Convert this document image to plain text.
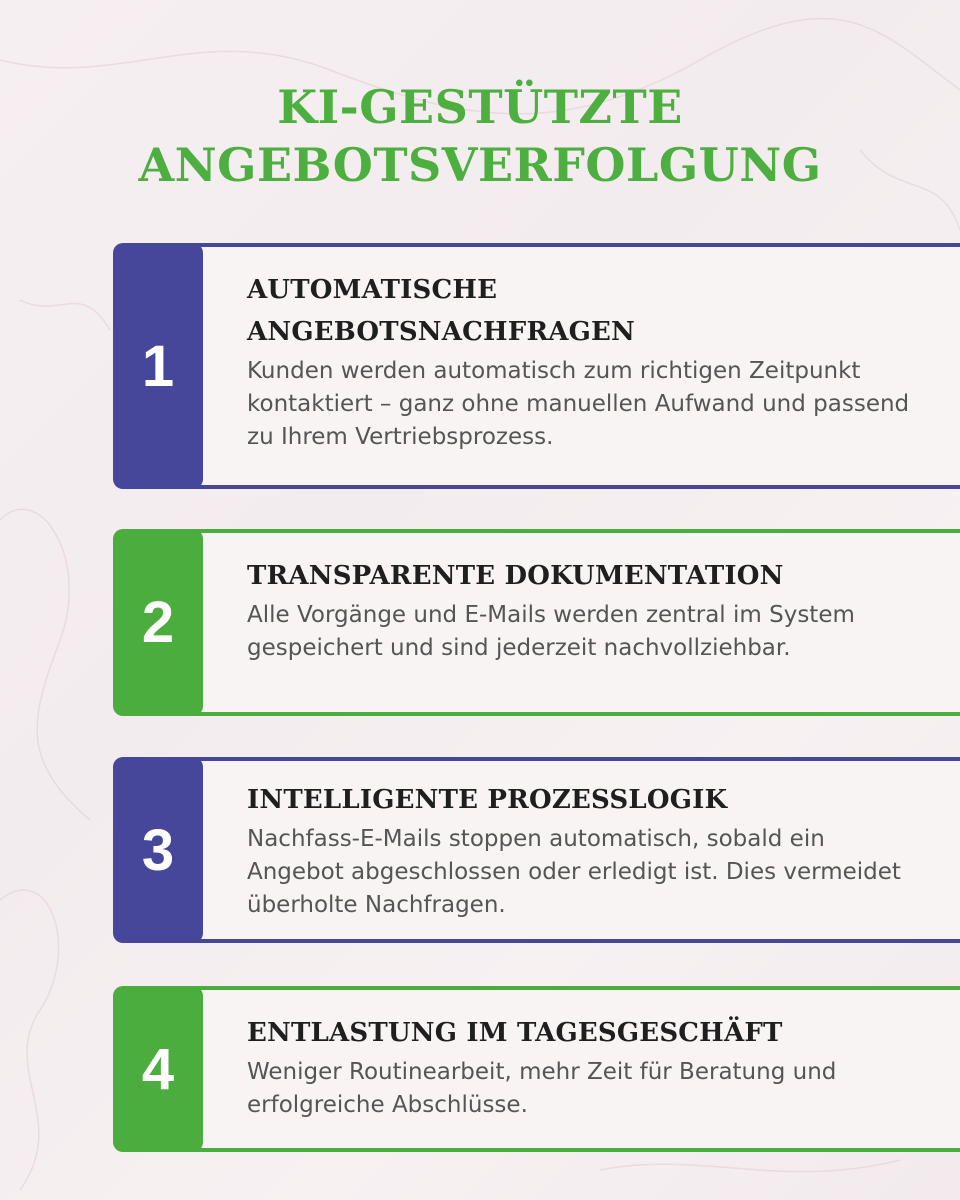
KI-GESTÜTZTE
ANGEBOTSVERFOLGUNG
1
AUTOMATISCHE
ANGEBOTSNACHFRAGEN

Kunden werden automatisch zum richtigen Zeitpunkt kontaktiert – ganz ohne manuellen Aufwand und passend zu Ihrem Vertriebsprozess.

2
TRANSPARENTE DOKUMENTATION

Alle Vorgänge und E-Mails werden zentral im System gespeichert und sind jederzeit nachvollziehbar.

3
INTELLIGENTE PROZESSLOGIK

Nachfass-E-Mails stoppen automatisch, sobald ein Angebot abgeschlossen oder erledigt ist. Dies vermeidet überholte Nachfragen.

4
ENTLASTUNG IM TAGESGESCHÄFT

Weniger Routinearbeit, mehr Zeit für Beratung und erfolgreiche Abschlüsse.
